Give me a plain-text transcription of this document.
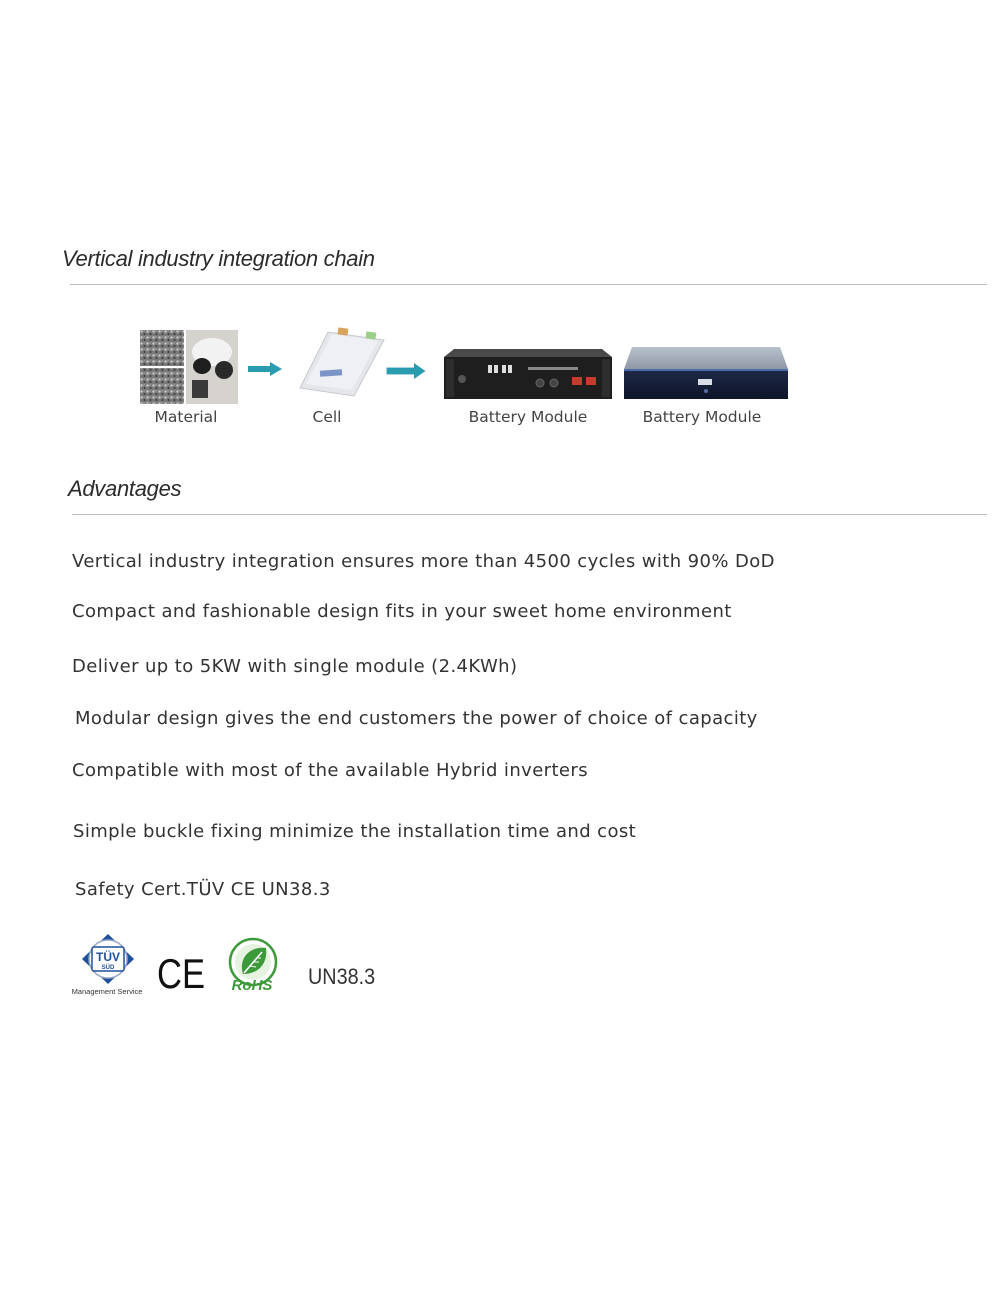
Vertical industry integration chain
Material	Cell	Battery Module	Battery Module
Advantages
Vertical industry integration ensures more than 4500 cycles with 90% DoD
Compact and fashionable design fits in your sweet home environment
Deliver up to 5KW with single module (2.4KWh)
Modular design gives the end customers the power of choice of capacity
Compatible with most of the available Hybrid inverters
Simple buckle fixing minimize the installation time and cost
Safety Cert.TÜV CE UN38.3
TÜV
SÜD
Management Service CE RoHS UN38.3
